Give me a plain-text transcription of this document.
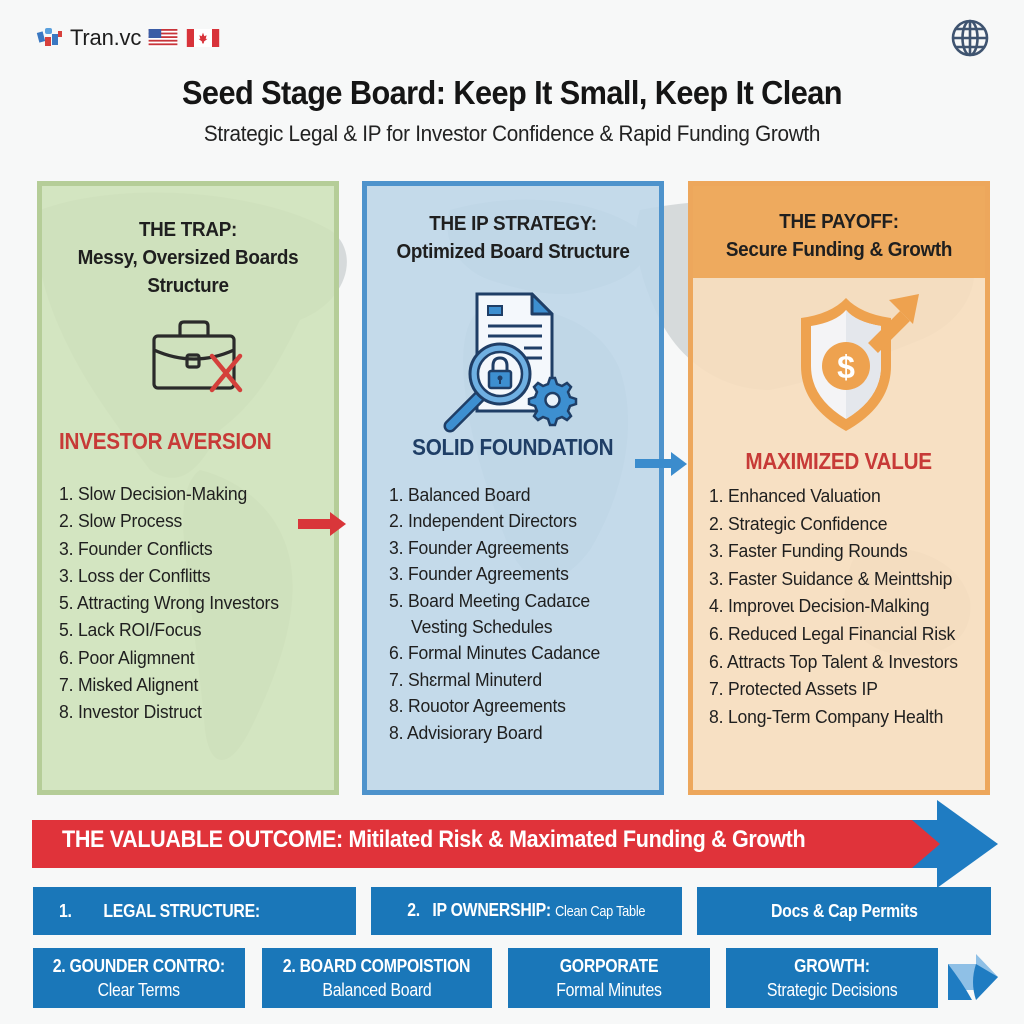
Tran.vc
Seed Stage Board: Keep It Small, Keep It Clean
Strategic Legal & IP for Investor Confidence & Rapid Funding Growth
THE TRAP:
Messy, Oversized Boards
Structure
INVESTOR AVERSION
1. Slow Decision-Making
2. Slow Process
3. Founder Conflicts
3. Loss der Conflitts
5. Attracting Wrong Investors
5. Lack ROI/Focus
6. Poor Aligmnent
7. Misked Alignent
8. Investor Distruct
THE IP STRATEGY:
Optimized Board Structure
SOLID FOUNDATION
1. Balanced Board
2. Independent Directors
3. Founder Agreements
3. Founder Agreements
5. Board Meeting Cadaɪce
Vesting Schedules
6. Formal Minutes Cadance
7. Shɛrmal Minuterd
8. Rouotor Agreements
8. Advisiorary Board
THE PAYOFF:
Secure Funding & Growth
$
MAXIMIZED VALUE
1. Enhanced Valuation
2. Strategic Confidence
3. Faster Funding Rounds
3. Faster Suidance & Meinttship
4. Improveɩ Decision-Malking
6. Reduced Legal Financial Risk
6. Attracts Top Talent & Investors
7. Protected Assets IP
8. Long-Term Company Health
THE VALUABLE OUTCOME: Mitilated Risk & Maximated Funding & Growth
1. LEGAL STRUCTURE:	2. IP OWNERSHIP: Clean Cap Table	Docs & Cap Permits
2. GOUNDER CONTRO:
Clear Terms
2. BOARD COMPOISTION
Balanced Board
GORPORATE
Formal Minutes
GROWTH:
Strategic Decisions
